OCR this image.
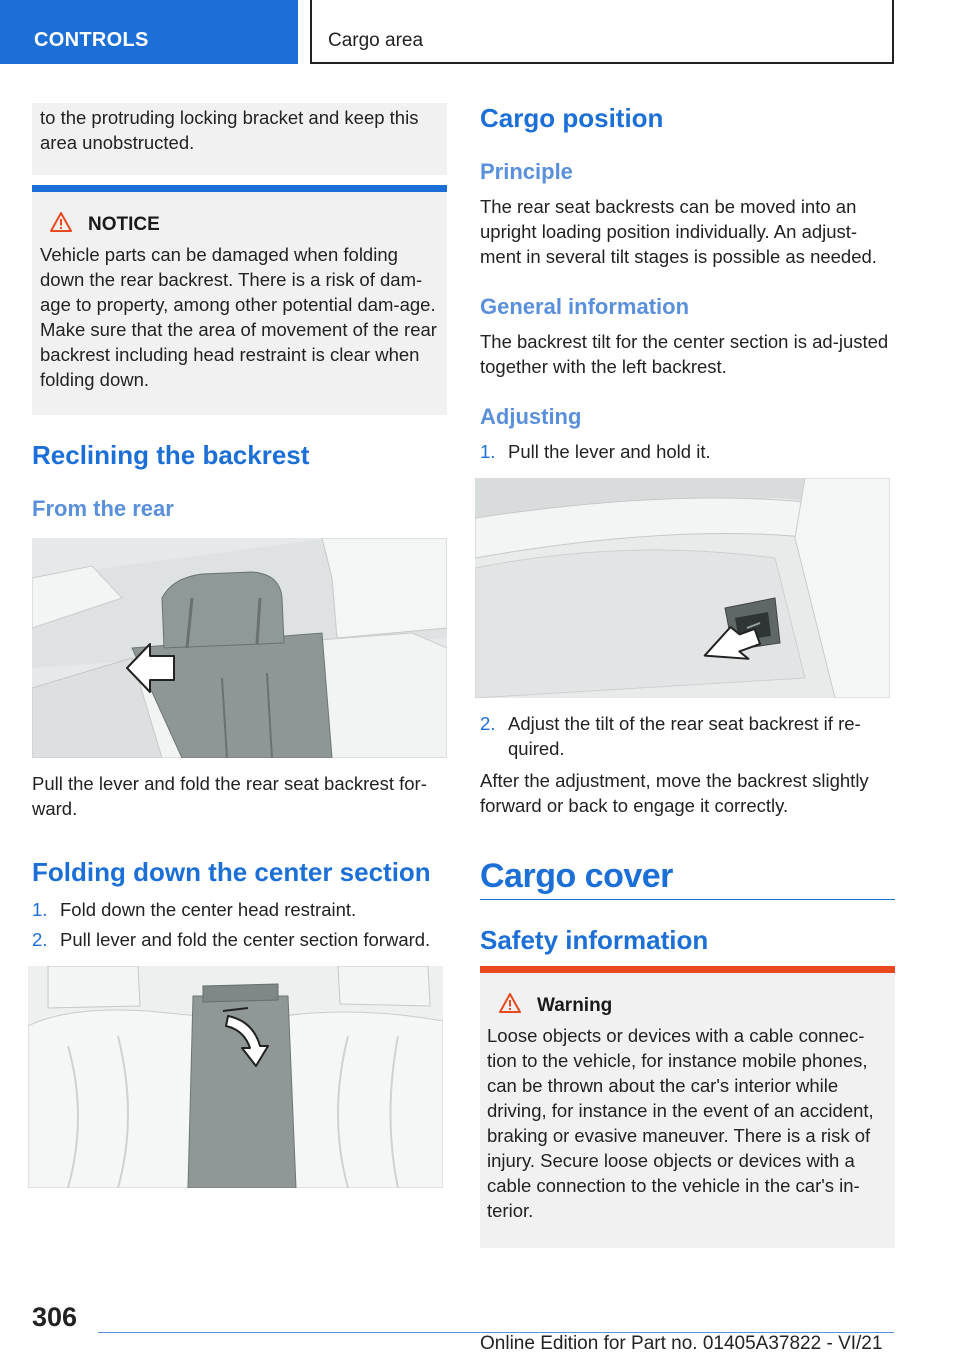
CONTROLS	Cargo area

to the protruding locking bracket and keep this area unobstructed.

NOTICE

Vehicle parts can be damaged when folding down the rear backrest. There is a risk of dam‐age to property, among other potential dam‐age. Make sure that the area of movement of the rear backrest including head restraint is clear when folding down.

Reclining the backrest
From the rear

Pull the lever and fold the rear seat backrest for‐ward.

Folding down the center section
1. Fold down the center head restraint.
2. Pull lever and fold the center section forward.
Cargo position
Principle

The rear seat backrests can be moved into an upright loading position individually. An adjust‐ment in several tilt stages is possible as needed.

General information

The backrest tilt for the center section is ad‐justed together with the left backrest.

Adjusting
1. Pull the lever and hold it.
2. Adjust the tilt of the rear seat backrest if re‐quired.

After the adjustment, move the backrest slightly forward or back to engage it correctly.

Cargo cover
Safety information
Warning

Loose objects or devices with a cable connec‐tion to the vehicle, for instance mobile phones, can be thrown about the car's interior while driving, for instance in the event of an accident, braking or evasive maneuver. There is a risk of injury. Secure loose objects or devices with a cable connection to the vehicle in the car's in‐terior.

306
Online Edition for Part no. 01405A37822 - VI/21
